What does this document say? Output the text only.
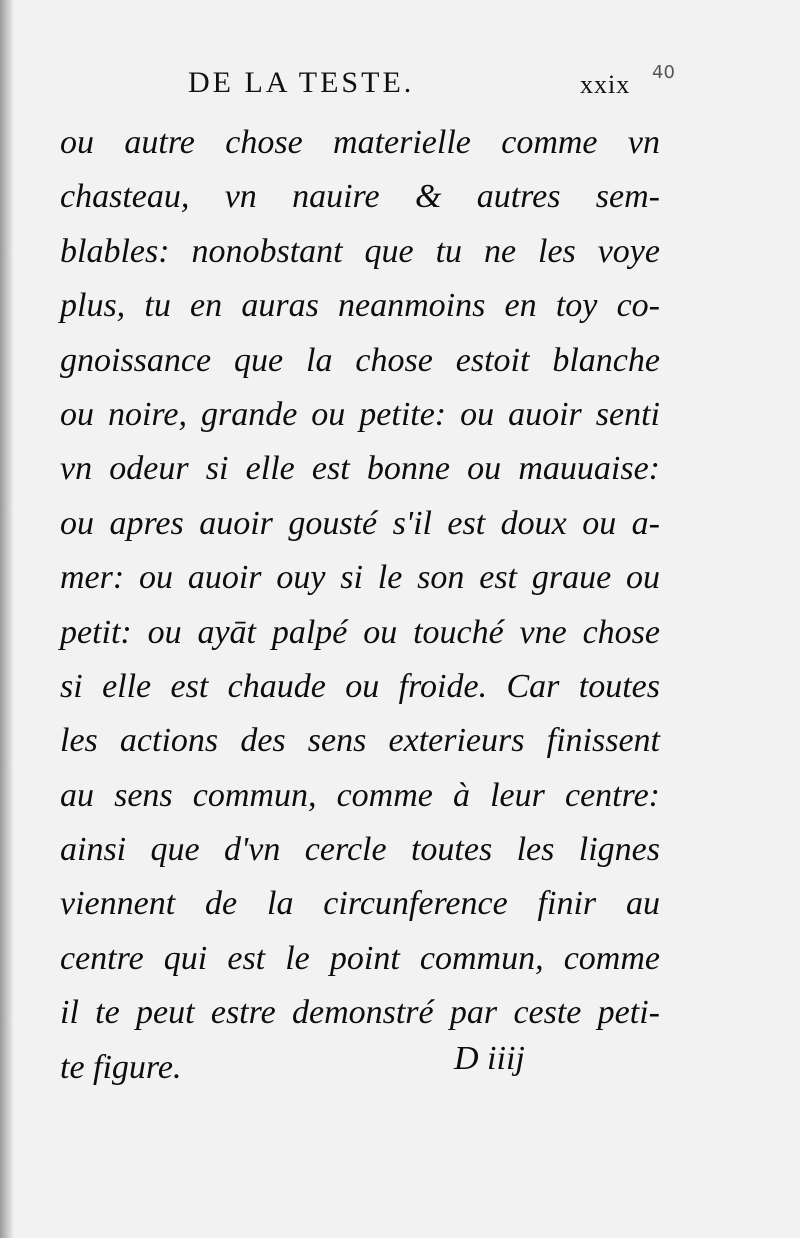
DE LA TESTE.	xxix 40
ou autre chose materielle comme vn
chasteau, vn nauire & autres sem-
blables: nonobstant que tu ne les voye
plus, tu en auras neanmoins en toy co-
gnoissance que la chose estoit blanche
ou noire, grande ou petite: ou auoir senti
vn odeur si elle est bonne ou mauuaise:
ou apres auoir gousté s'il est doux ou a-
mer: ou auoir ouy si le son est graue ou
petit: ou ayāt palpé ou touché vne chose
si elle est chaude ou froide. Car toutes
les actions des sens exterieurs finissent
au sens commun, comme à leur centre:
ainsi que d'vn cercle toutes les lignes
viennent de la circunference finir au
centre qui est le point commun, comme
il te peut estre demonstré par ceste peti-
te figure.	D iiij
